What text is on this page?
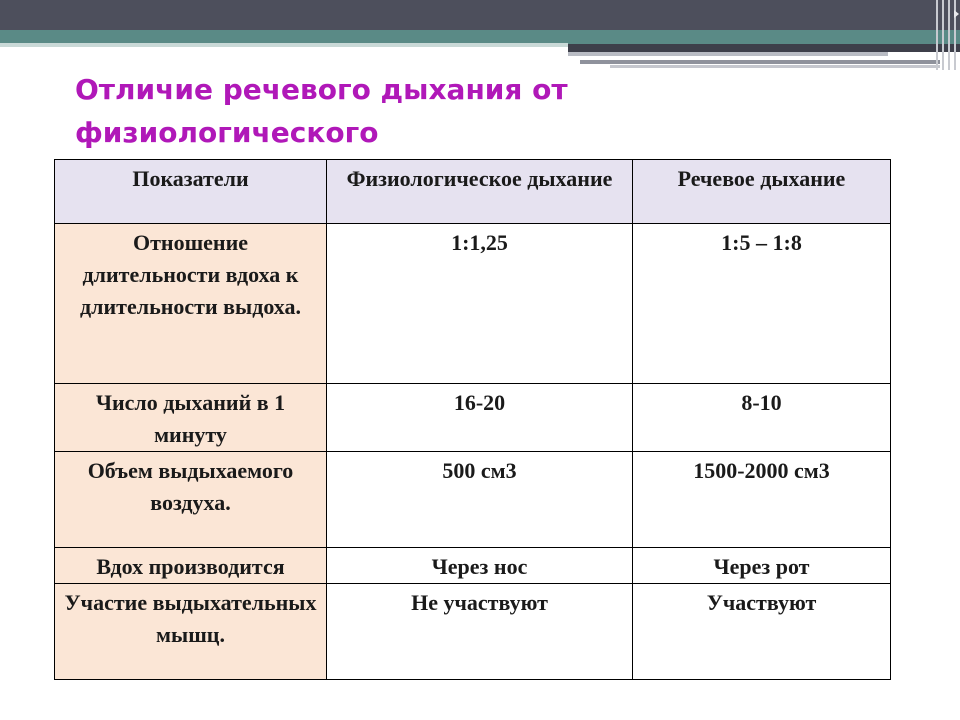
Отличие речевого дыхания от физиологического
Показатели	Физиологическое дыхание	Речевое дыхание
Отношение длительности вдоха к длительности выдоха.	1:1,25	1:5 – 1:8
Число дыханий в 1 минуту	16-20	8-10
Объем выдыхаемого воздуха.	500 см3	1500-2000 см3
Вдох производится	Через нос	Через рот
Участие выдыхательных мышц.	Не участвуют	Участвуют
